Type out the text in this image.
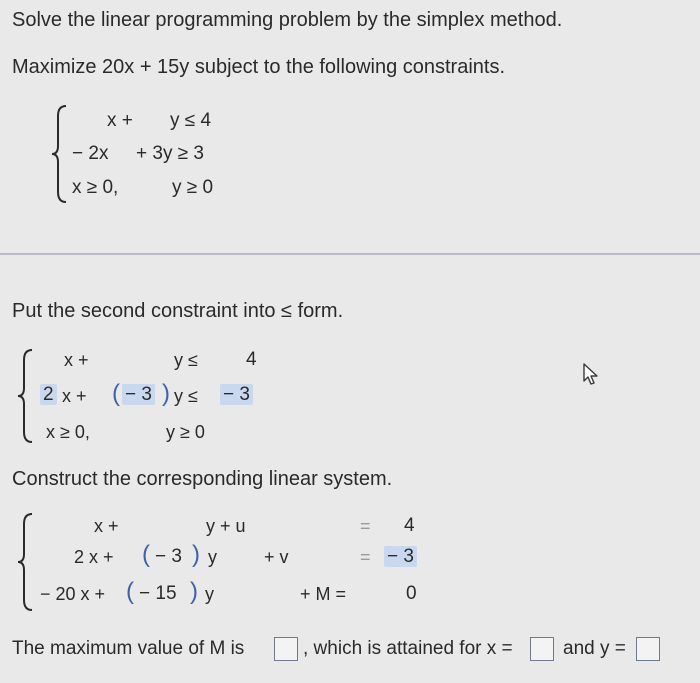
Solve the linear programming problem by the simplex method.
Maximize 20x + 15y subject to the following constraints.
x + y ≤ 4
− 2x + 3y ≥ 3
x ≥ 0,	y ≥ 0
Put the second constraint into ≤ form.
x +	y ≤	4
2 x + ( − 3 ) y ≤ − 3
x ≥ 0,	y ≥ 0
Construct the corresponding linear system.
x +	y + u	= 4
2 x + ( − 3 ) y	+ v	= − 3
− 20 x + ( − 15 ) y	+ M =	0
The maximum value of M is	, which is attained for x =	and y =
